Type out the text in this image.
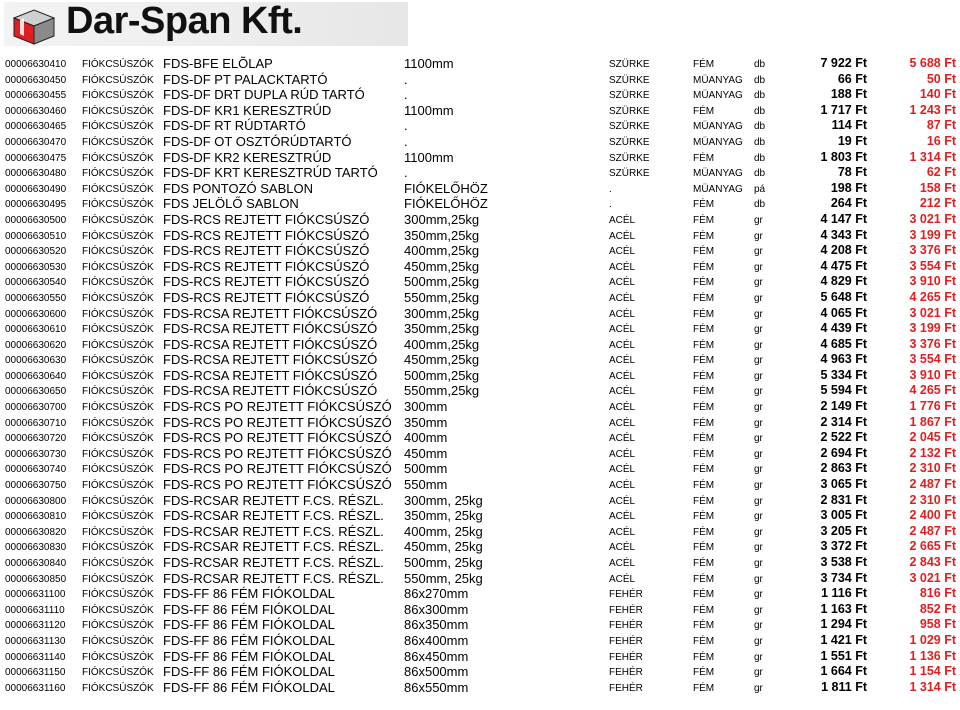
Dar-Span Kft.
00006630410 FIÓKCSÚSZÓK FDS-BFE ELÕLAP	1100mm	SZÜRKE	FÉM	db	7 922 Ft	5 688 Ft
00006630450 FIÓKCSÚSZÓK FDS-DF PT PALACKTARTÓ	.	SZÜRKE	MÜANYAG db	66 Ft	50 Ft
00006630455 FIÓKCSÚSZÓK FDS-DF DRT DUPLA RÚD TARTÓ	.	SZÜRKE	MÜANYAG db	188 Ft	140 Ft
00006630460 FIÓKCSÚSZÓK FDS-DF KR1 KERESZTRÚD	1100mm	SZÜRKE	FÉM	db	1 717 Ft	1 243 Ft
00006630465 FIÓKCSÚSZÓK FDS-DF RT RÚDTARTÓ	.	SZÜRKE	MÜANYAG db	114 Ft	87 Ft
00006630470 FIÓKCSÚSZÓK FDS-DF OT OSZTÓRÚDTARTÓ	.	SZÜRKE	MÜANYAG db	19 Ft	16 Ft
00006630475 FIÓKCSÚSZÓK FDS-DF KR2 KERESZTRÚD	1100mm	SZÜRKE	FÉM	db	1 803 Ft	1 314 Ft
00006630480 FIÓKCSÚSZÓK FDS-DF KRT KERESZTRÚD TARTÓ .	SZÜRKE	MÜANYAG db	78 Ft	62 Ft
00006630490 FIÓKCSÚSZÓK FDS PONTOZÓ SABLON	FIÓKELŐHÖZ	.	MÜANYAG pá	198 Ft	158 Ft
00006630495 FIÓKCSÚSZÓK FDS JELÖLŐ SABLON	FIÓKELŐHÖZ	.	FÉM	db	264 Ft	212 Ft
00006630500 FIÓKCSÚSZÓK FDS-RCS REJTETT FIÓKCSÚSZÓ	300mm,25kg	ACÉL	FÉM	gr	4 147 Ft	3 021 Ft
00006630510 FIÓKCSÚSZÓK FDS-RCS REJTETT FIÓKCSÚSZÓ	350mm,25kg	ACÉL	FÉM	gr	4 343 Ft	3 199 Ft
00006630520 FIÓKCSÚSZÓK FDS-RCS REJTETT FIÓKCSÚSZÓ	400mm,25kg	ACÉL	FÉM	gr	4 208 Ft	3 376 Ft
00006630530 FIÓKCSÚSZÓK FDS-RCS REJTETT FIÓKCSÚSZÓ	450mm,25kg	ACÉL	FÉM	gr	4 475 Ft	3 554 Ft
00006630540 FIÓKCSÚSZÓK FDS-RCS REJTETT FIÓKCSÚSZÓ	500mm,25kg	ACÉL	FÉM	gr	4 829 Ft	3 910 Ft
00006630550 FIÓKCSÚSZÓK FDS-RCS REJTETT FIÓKCSÚSZÓ	550mm,25kg	ACÉL	FÉM	gr	5 648 Ft	4 265 Ft
00006630600 FIÓKCSÚSZÓK FDS-RCSA REJTETT FIÓKCSÚSZÓ 300mm,25kg	ACÉL	FÉM	gr	4 065 Ft	3 021 Ft
00006630610 FIÓKCSÚSZÓK FDS-RCSA REJTETT FIÓKCSÚSZÓ 350mm,25kg	ACÉL	FÉM	gr	4 439 Ft	3 199 Ft
00006630620 FIÓKCSÚSZÓK FDS-RCSA REJTETT FIÓKCSÚSZÓ 400mm,25kg	ACÉL	FÉM	gr	4 685 Ft	3 376 Ft
00006630630 FIÓKCSÚSZÓK FDS-RCSA REJTETT FIÓKCSÚSZÓ 450mm,25kg	ACÉL	FÉM	gr	4 963 Ft	3 554 Ft
00006630640 FIÓKCSÚSZÓK FDS-RCSA REJTETT FIÓKCSÚSZÓ 500mm,25kg	ACÉL	FÉM	gr	5 334 Ft	3 910 Ft
00006630650 FIÓKCSÚSZÓK FDS-RCSA REJTETT FIÓKCSÚSZÓ 550mm,25kg	ACÉL	FÉM	gr	5 594 Ft	4 265 Ft
00006630700 FIÓKCSÚSZÓK FDS-RCS PO REJTETT FIÓKCSÚSZÓ 300mm	ACÉL	FÉM	gr	2 149 Ft	1 776 Ft
00006630710 FIÓKCSÚSZÓK FDS-RCS PO REJTETT FIÓKCSÚSZÓ 350mm	ACÉL	FÉM	gr	2 314 Ft	1 867 Ft
00006630720 FIÓKCSÚSZÓK FDS-RCS PO REJTETT FIÓKCSÚSZÓ 400mm	ACÉL	FÉM	gr	2 522 Ft	2 045 Ft
00006630730 FIÓKCSÚSZÓK FDS-RCS PO REJTETT FIÓKCSÚSZÓ 450mm	ACÉL	FÉM	gr	2 694 Ft	2 132 Ft
00006630740 FIÓKCSÚSZÓK FDS-RCS PO REJTETT FIÓKCSÚSZÓ 500mm	ACÉL	FÉM	gr	2 863 Ft	2 310 Ft
00006630750 FIÓKCSÚSZÓK FDS-RCS PO REJTETT FIÓKCSÚSZÓ 550mm	ACÉL	FÉM	gr	3 065 Ft	2 487 Ft
00006630800 FIÓKCSÚSZÓK FDS-RCSAR REJTETT F.CS. RÉSZL. 300mm, 25kg	ACÉL	FÉM	gr	2 831 Ft	2 310 Ft
00006630810 FIÓKCSÚSZÓK FDS-RCSAR REJTETT F.CS. RÉSZL. 350mm, 25kg	ACÉL	FÉM	gr	3 005 Ft	2 400 Ft
00006630820 FIÓKCSÚSZÓK FDS-RCSAR REJTETT F.CS. RÉSZL. 400mm, 25kg	ACÉL	FÉM	gr	3 205 Ft	2 487 Ft
00006630830 FIÓKCSÚSZÓK FDS-RCSAR REJTETT F.CS. RÉSZL. 450mm, 25kg	ACÉL	FÉM	gr	3 372 Ft	2 665 Ft
00006630840 FIÓKCSÚSZÓK FDS-RCSAR REJTETT F.CS. RÉSZL. 500mm, 25kg	ACÉL	FÉM	gr	3 538 Ft	2 843 Ft
00006630850 FIÓKCSÚSZÓK FDS-RCSAR REJTETT F.CS. RÉSZL. 550mm, 25kg	ACÉL	FÉM	gr	3 734 Ft	3 021 Ft
00006631100 FIÓKCSÚSZÓK FDS-FF 86 FÉM FIÓKOLDAL	86x270mm	FEHÉR	FÉM	gr	1 116 Ft	816 Ft
00006631110 FIÓKCSÚSZÓK FDS-FF 86 FÉM FIÓKOLDAL	86x300mm	FEHÉR	FÉM	gr	1 163 Ft	852 Ft
00006631120 FIÓKCSÚSZÓK FDS-FF 86 FÉM FIÓKOLDAL	86x350mm	FEHÉR	FÉM	gr	1 294 Ft	958 Ft
00006631130 FIÓKCSÚSZÓK FDS-FF 86 FÉM FIÓKOLDAL	86x400mm	FEHÉR	FÉM	gr	1 421 Ft	1 029 Ft
00006631140 FIÓKCSÚSZÓK FDS-FF 86 FÉM FIÓKOLDAL	86x450mm	FEHÉR	FÉM	gr	1 551 Ft	1 136 Ft
00006631150 FIÓKCSÚSZÓK FDS-FF 86 FÉM FIÓKOLDAL	86x500mm	FEHÉR	FÉM	gr	1 664 Ft	1 154 Ft
00006631160 FIÓKCSÚSZÓK FDS-FF 86 FÉM FIÓKOLDAL	86x550mm	FEHÉR	FÉM	gr	1 811 Ft	1 314 Ft
